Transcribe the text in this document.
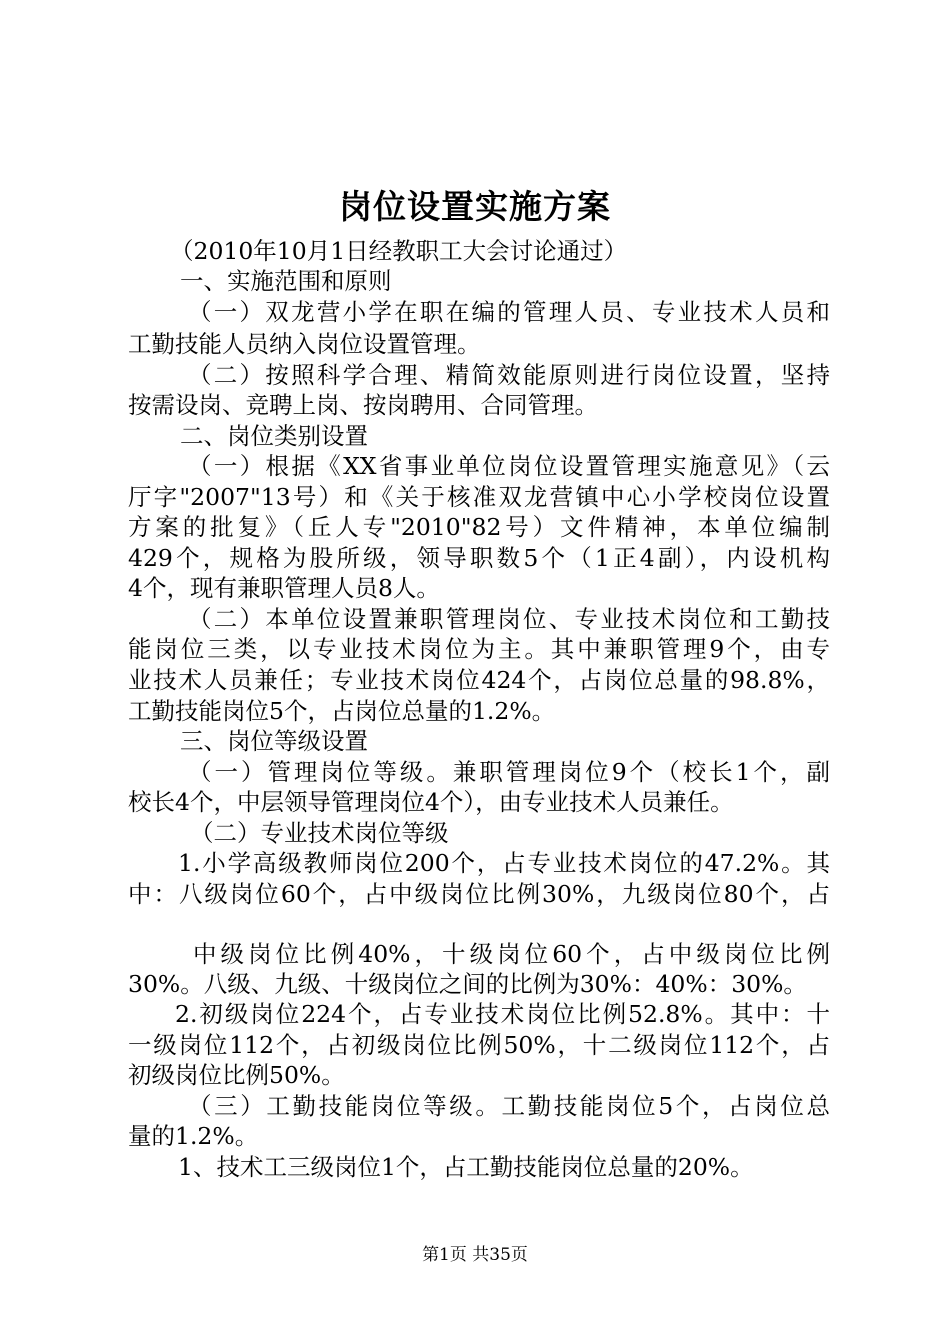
岗位设置实施方案
（2010年10月1日经教职工大会讨论通过）
一、实施范围和原则
（一）双龙营小学在职在编的管理人员、专业技术人员和
工勤技能人员纳入岗位设置管理。
（二）按照科学合理、精简效能原则进行岗位设置，坚持
按需设岗、竞聘上岗、按岗聘用、合同管理。
二、岗位类别设置
（一）根据《XX省事业单位岗位设置管理实施意见》（云
厅字"2007"13号）和《关于核准双龙营镇中心小学校岗位设置
方案的批复》（丘人专"2010"82号）文件精神，本单位编制
429个，规格为股所级，领导职数5个（1正4副），内设机构
4个，现有兼职管理人员8人。
（二）本单位设置兼职管理岗位、专业技术岗位和工勤技
能岗位三类，以专业技术岗位为主。其中兼职管理9个，由专
业技术人员兼任；专业技术岗位424个，占岗位总量的98.8%，
工勤技能岗位5个，占岗位总量的1.2%。
三、岗位等级设置
（一）管理岗位等级。兼职管理岗位9个（校长1个，副
校长4个，中层领导管理岗位4个），由专业技术人员兼任。
（二）专业技术岗位等级
1.小学高级教师岗位200个，占专业技术岗位的47.2%。其
中：八级岗位60个，占中级岗位比例30%，九级岗位80个，占
中级岗位比例40%，十级岗位60个，占中级岗位比例
30%。八级、九级、十级岗位之间的比例为30%：40%：30%。
2.初级岗位224个，占专业技术岗位比例52.8%。其中：十
一级岗位112个，占初级岗位比例50%，十二级岗位112个，占
初级岗位比例50%。
（三）工勤技能岗位等级。工勤技能岗位5个，占岗位总
量的1.2%。
1、技术工三级岗位1个，占工勤技能岗位总量的20%。
第1页 共35页
